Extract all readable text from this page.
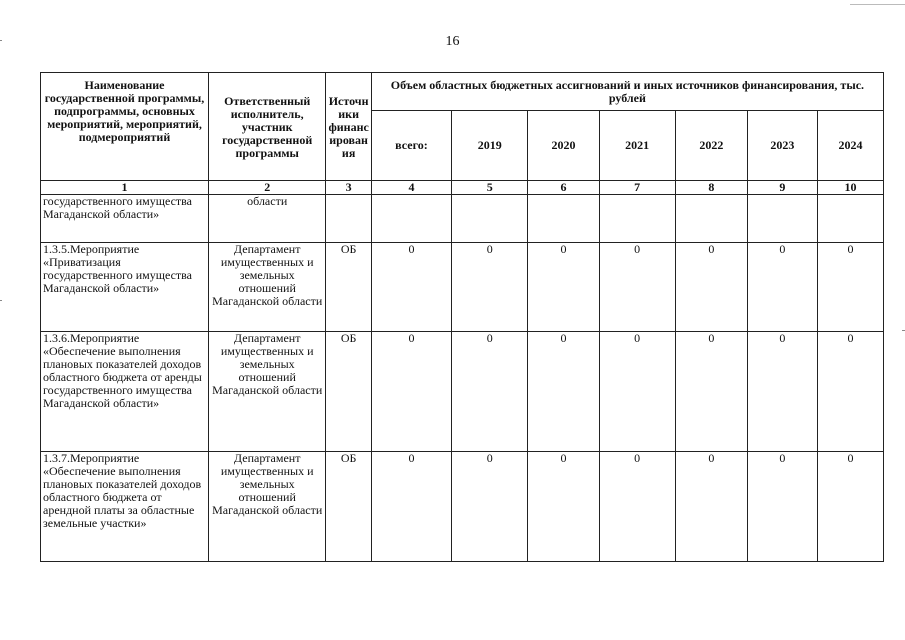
16
Наименование государственной программы, подпрограммы, основных мероприятий, мероприятий, подмероприятий	Ответственный исполнитель, участник государственной программы	Источн ики финанс ирован ия	Объем областных бюджетных ассигнований и иных источников финансирования, тыс. рублей						
			всего:	2019	2020	2021	2022	2023	2024
1	2	3	4	5	6	7	8	9	10
государственного имущества Магаданской области»	области								
1.3.5.Мероприятие «Приватизация государственного имущества Магаданской области»	Департамент имущественных и земельных отношений Магаданской области	ОБ	0	0	0	0	0	0	0
1.3.6.Мероприятие «Обеспечение выполнения плановых показателей доходов областного бюджета от аренды государственного имущества Магаданской области»	Департамент имущественных и земельных отношений Магаданской области	ОБ	0	0	0	0	0	0	0
1.3.7.Мероприятие «Обеспечение выполнения плановых показателей доходов областного бюджета от арендной платы за областные земельные участки»	Департамент имущественных и земельных отношений Магаданской области	ОБ	0	0	0	0	0	0	0
